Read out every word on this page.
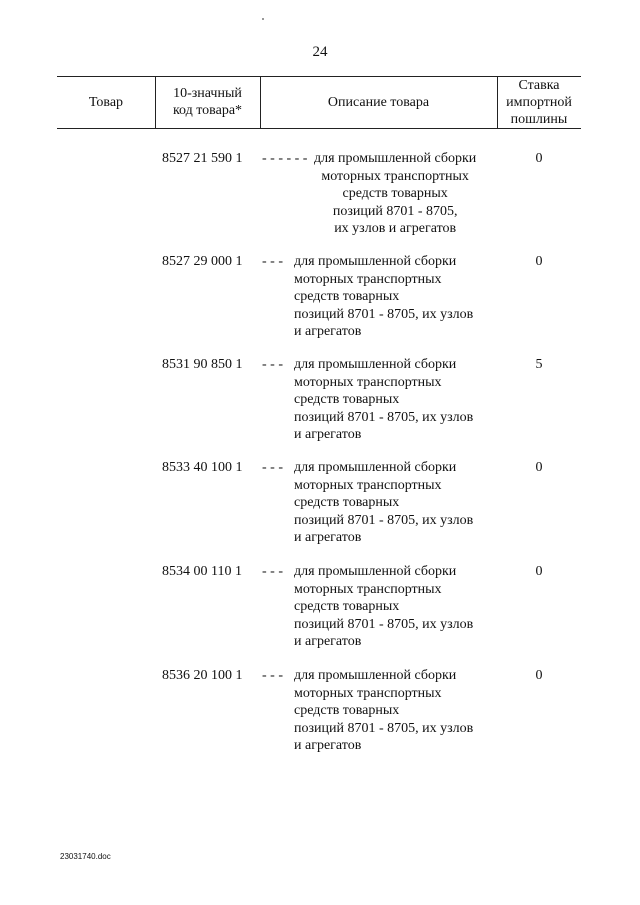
24
Товар
10-значный
код товара*
Описание товара
Ставка
импортной
пошлины
8527 21 590 1 - - - - - - для промышленной сборки
моторных транспортных
средств товарных
позиций 8701 - 8705,
их узлов и агрегатов
0
8527 29 000 1 - - - для промышленной сборки
моторных транспортных
средств товарных
позиций 8701 - 8705, их узлов
и агрегатов
0
8531 90 850 1 - - - для промышленной сборки
моторных транспортных
средств товарных
позиций 8701 - 8705, их узлов
и агрегатов
5
8533 40 100 1 - - - для промышленной сборки
моторных транспортных
средств товарных
позиций 8701 - 8705, их узлов
и агрегатов
0
8534 00 110 1 - - - для промышленной сборки
моторных транспортных
средств товарных
позиций 8701 - 8705, их узлов
и агрегатов
0
8536 20 100 1 - - - для промышленной сборки
моторных транспортных
средств товарных
позиций 8701 - 8705, их узлов
и агрегатов
0
23031740.doc
